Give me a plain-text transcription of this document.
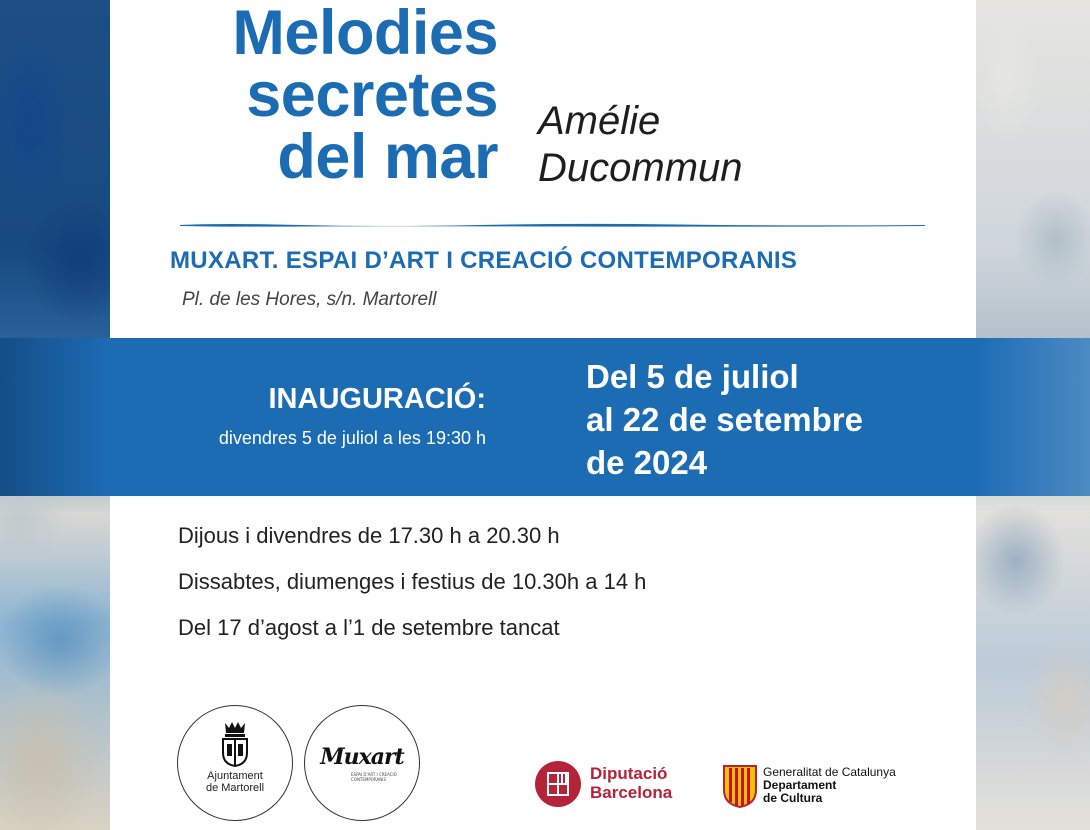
Melodies
secretes
del mar
Amélie
Ducommun
MUXART. ESPAI D’ART I CREACIÓ CONTEMPORANIS
Pl. de les Hores, s/n. Martorell
INAUGURACIÓ:
divendres 5 de juliol a les 19:30 h
Del 5 de juliol
al 22 de setembre
de 2024
Dijous i divendres de 17.30 h a 20.30 h
Dissabtes, diumenges i festius de 10.30h a 14 h
Del 17 d’agost a l’1 de setembre tancat
Ajuntament
de Martorell
Muxart
ESPAI D'ART I CREACIÓ CONTEMPORANIS	Diputació
Barcelona
Generalitat de Catalunya
Departament
de Cultura
